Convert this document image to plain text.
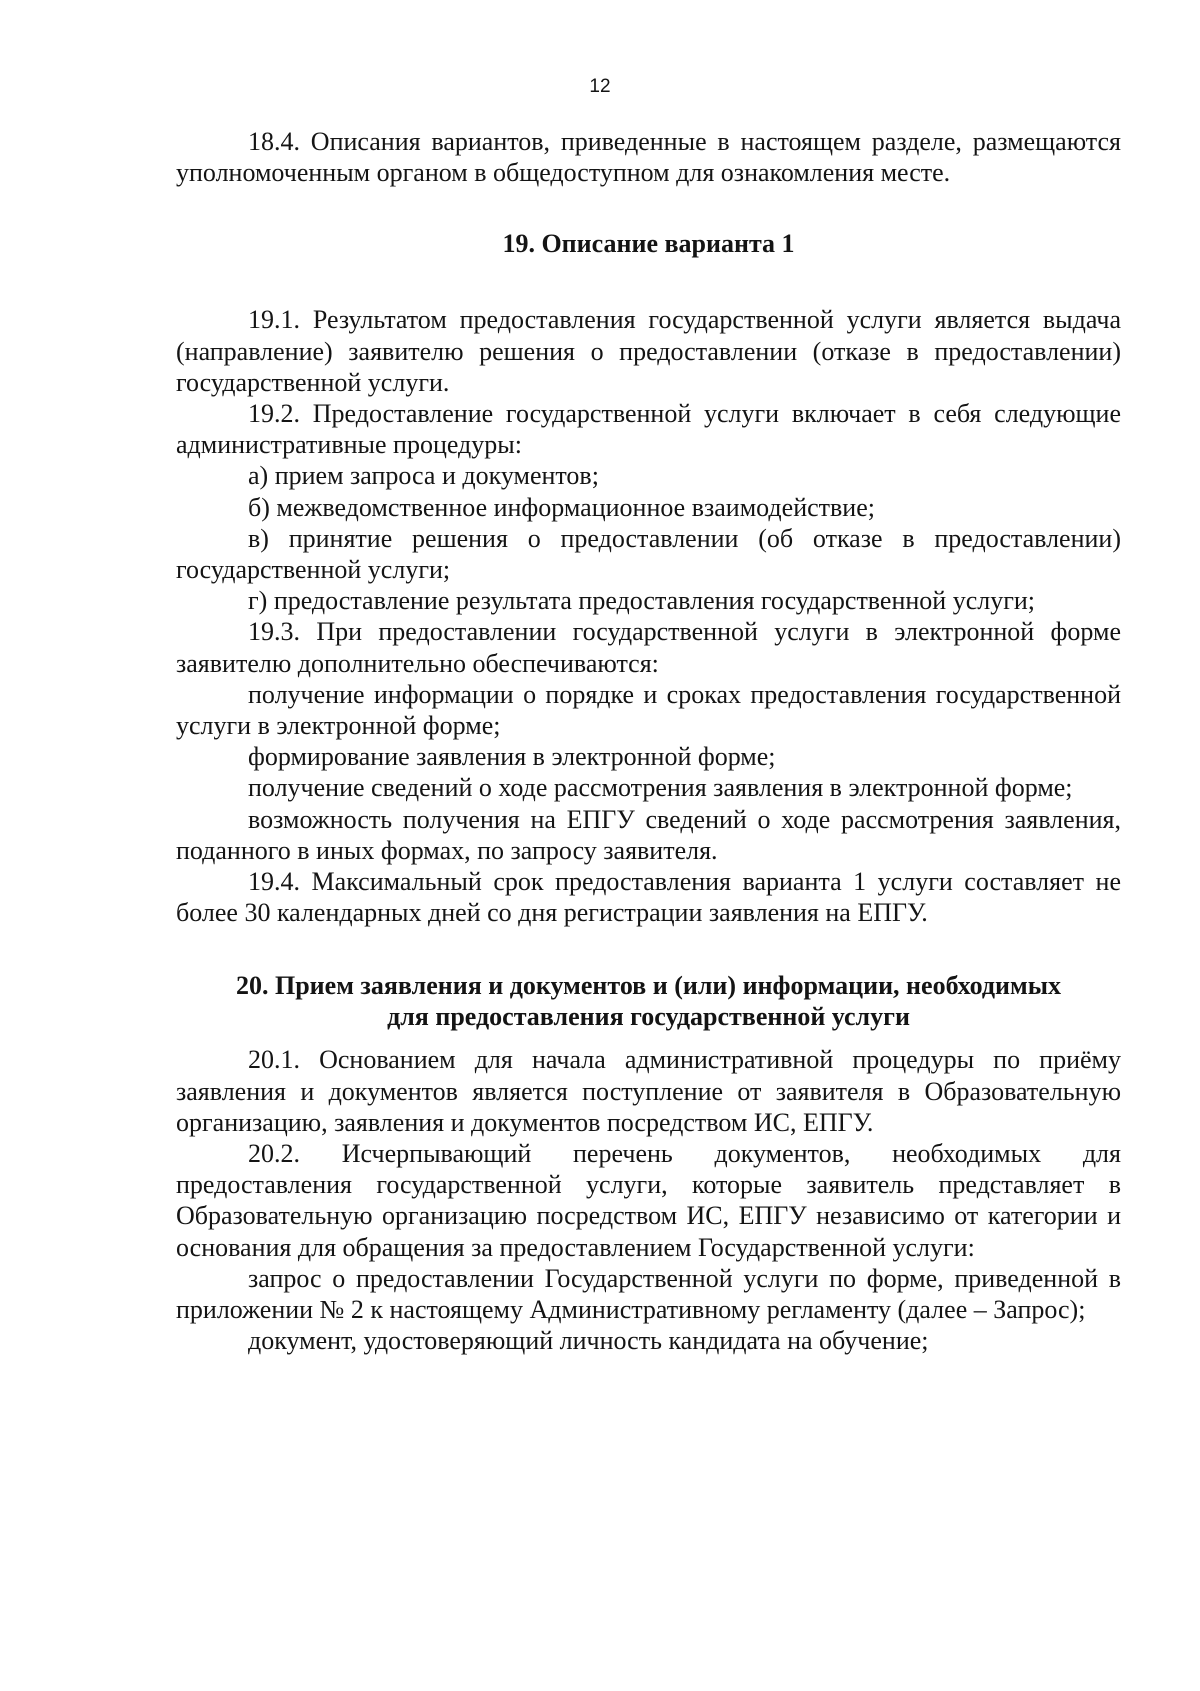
12

18.4. Описания вариантов, приведенные в настоящем разделе, размещаются уполномоченным органом в общедоступном для ознакомления месте.

19. Описание варианта 1

19.1. Результатом предоставления государственной услуги является выдача (направление) заявителю решения о предоставлении (отказе в предоставлении) государственной услуги.

19.2. Предоставление государственной услуги включает в себя следующие административные процедуры:

а) прием запроса и документов;

б) межведомственное информационное взаимодействие;

в) принятие решения о предоставлении (об отказе в предоставлении) государственной услуги;

г) предоставление результата предоставления государственной услуги;

19.3. При предоставлении государственной услуги в электронной форме заявителю дополнительно обеспечиваются:

получение информации о порядке и сроках предоставления государственной услуги в электронной форме;

формирование заявления в электронной форме;

получение сведений о ходе рассмотрения заявления в электронной форме;

возможность получения на ЕПГУ сведений о ходе рассмотрения заявления, поданного в иных формах, по запросу заявителя.

19.4. Максимальный срок предоставления варианта 1 услуги составляет не более 30 календарных дней со дня регистрации заявления на ЕПГУ.

20. Прием заявления и документов и (или) информации, необходимых

для предоставления государственной услуги

20.1. Основанием для начала административной процедуры по приёму заявления и документов является поступление от заявителя в Образовательную организацию, заявления и документов посредством ИС, ЕПГУ.

20.2. Исчерпывающий перечень документов, необходимых для предоставления государственной услуги, которые заявитель представляет в Образовательную организацию посредством ИС, ЕПГУ независимо от категории и основания для обращения за предоставлением Государственной услуги:

запрос о предоставлении Государственной услуги по форме, приведенной в приложении № 2 к настоящему Административному регламенту (далее – Запрос);

документ, удостоверяющий личность кандидата на обучение;
